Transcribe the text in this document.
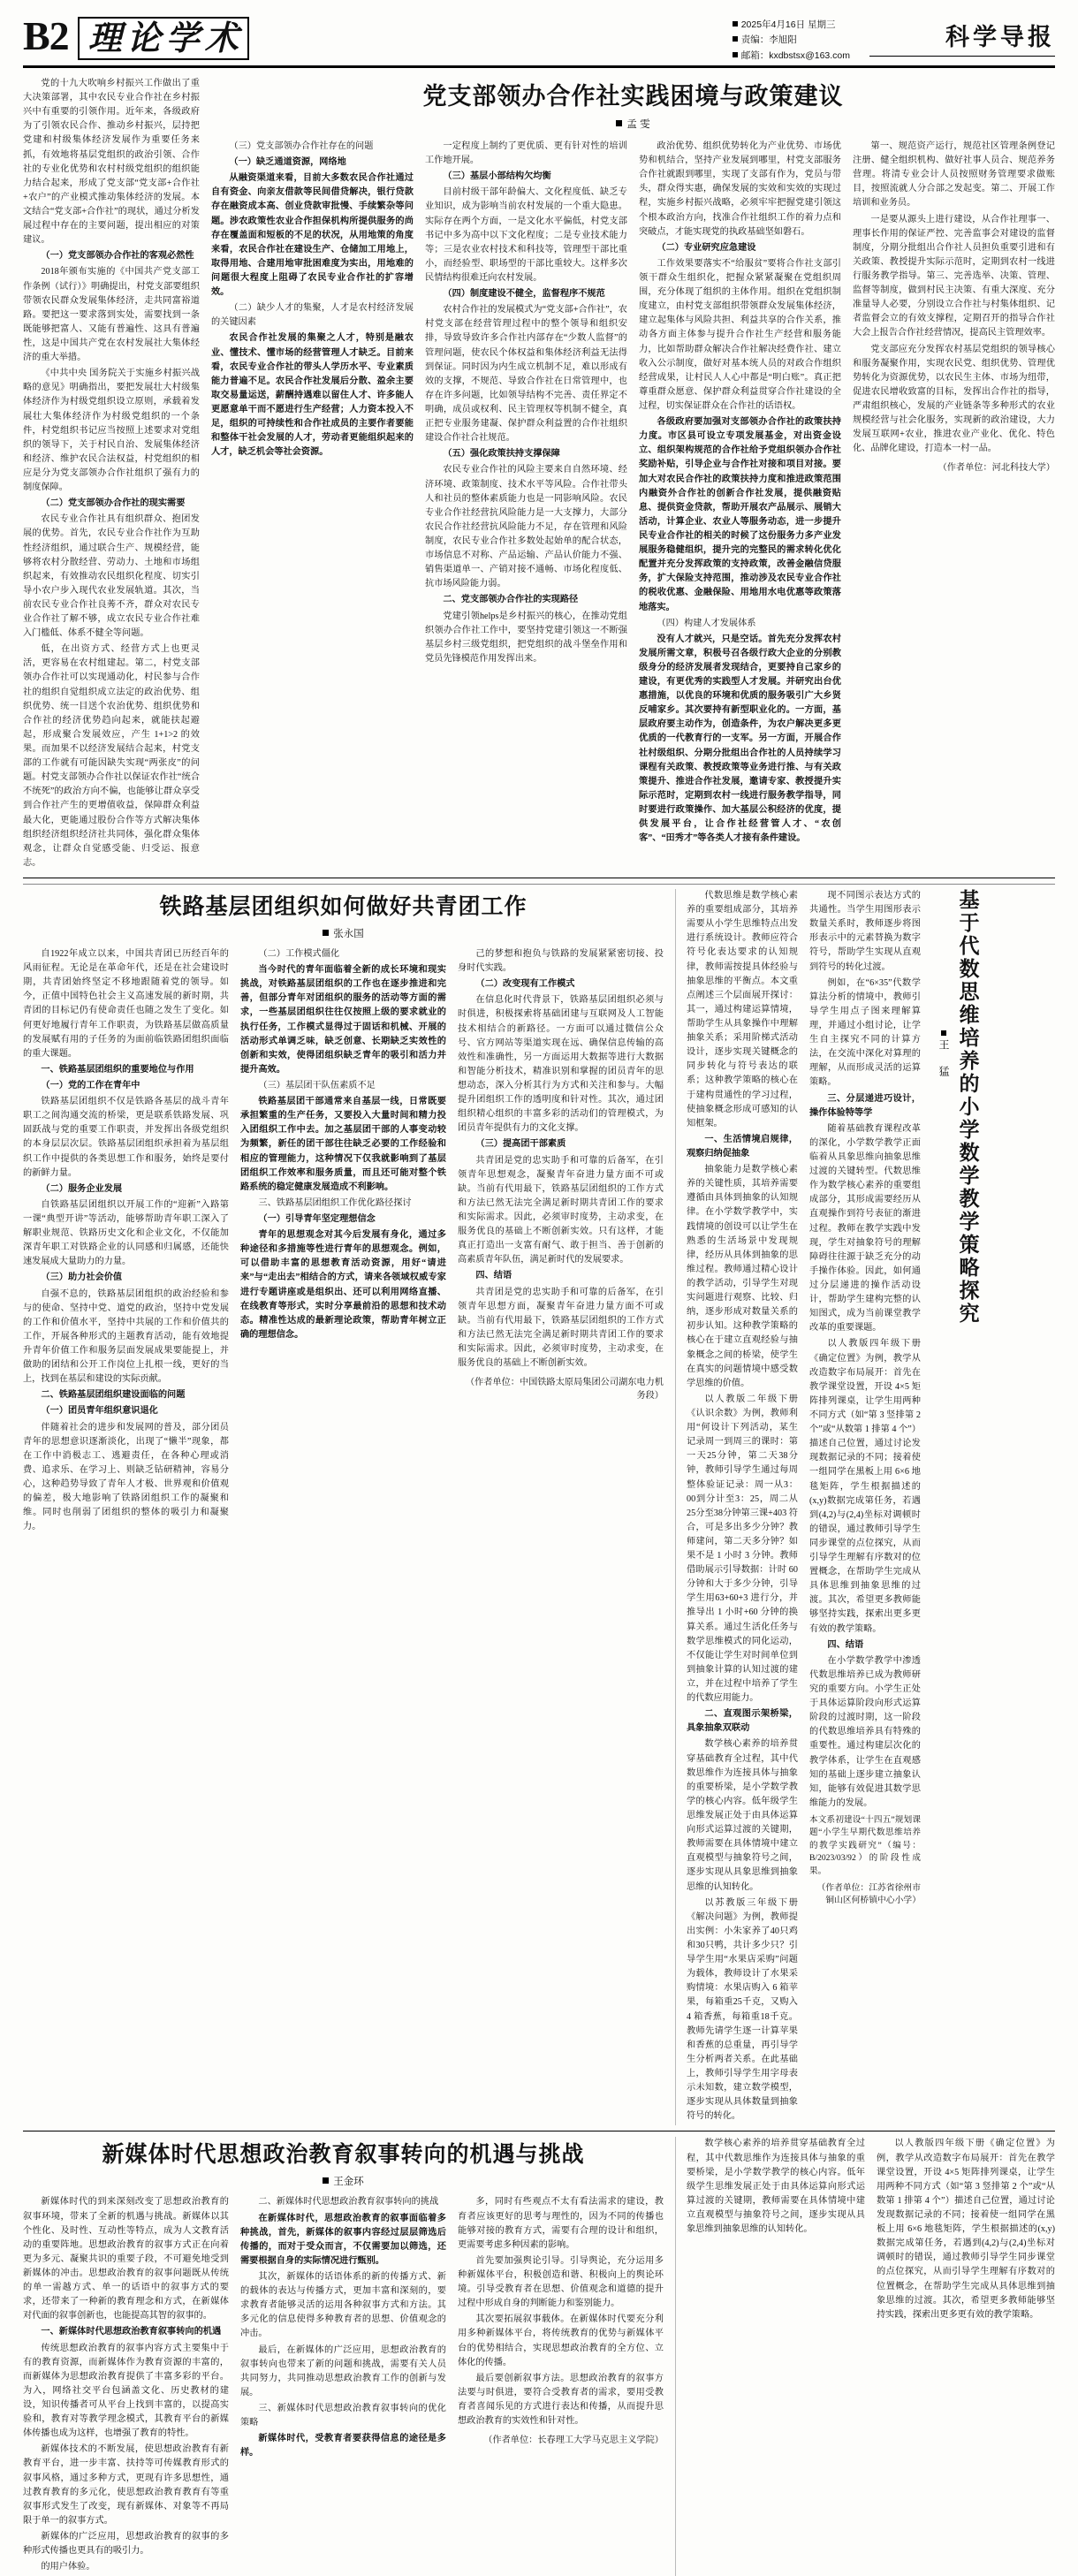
B2 理 论 学 术	2025年4月16日 星期三
责编：李旭阳
邮箱：kxdbstsx@163.com
科学导报

党的十九大吹响乡村振兴工作做出了重大决策部署，其中农民专业合作社在乡村振兴中有重要的引领作用。近年来，各级政府为了引领农民合作、推动乡村振兴，层持把党建和村级集体经济发展作为重要任务来抓，有效地将基层党组织的政治引领、合作社的专业化优势和农村村级党组织的组织能力结合起来，形成了党支部“党支部+合作社+农户”的产业模式推动集体经济的发展。本文结合“党支部+合作社”的现状，通过分析发展过程中存在的主要问题，提出相应的对策建议。

（一）党支部领办合作社的客观必然性

2018年颁布实施的《中国共产党支部工作条例（试行）》明确提出，村党支部要组织带领农民群众发展集体经济，走共同富裕道路。要把这一要求落到实处，需要找到一条既能够把富人、又能有普遍性、这具有普遍性，这是中国共产党在农村发展社大集体经济的重大举措。

《中共中央 国务院关于实施乡村振兴战略的意见》明确指出，要把发展壮大村级集体经济作为村级党组织设立原则，承载着发展壮大集体经济作为村级党组织的一个条件，村党组织书记应当按照上述要求对党组织的领导下，关于村民自治、发展集体经济和经济、维护农民合法权益，村党组织的相应是分为党支部领办合作社组织了强有力的制度保障。

（二）党支部领办合作社的现实需要

农民专业合作社具有组织群众、抱团发展的优势。首先，农民专业合作社作为互助性经济组织，通过联合生产、规模经营，能够将农村分散经营、劳动力、土地和市场组织起来，有效推动农民组织化程度、切实引导小农户步入现代农业发展轨道。其次，当前农民专业合作社良莠不齐，群众对农民专业合作社了解不够，成立农民专业合作社难入门槛低、体系不健全等问题。

低，在出资方式、经营方式上也更灵活，更容易在农村组建起。第二，村党支部领办合作社可以实现通动化，村民参与合作社的组织自觉组织成立法定的政治优势、组织优势、统一目送个农治优势、组织优势和合作社的经济优势趋向起来，就能扶起避起，形成聚合发展效应，产生 1+1>2 的效果。而加果不以经济发展结合起来，村党支部的工作就有可能因缺失实现“两张皮”的问题。村党支部领办合作社以保证农作社“统合不统死”的政治方向不偏，也能够让群众享受到合作社产生的更增值收益，保障群众利益最大化，更能通过股份合作等方式解决集体组织经济组织经济社共同体，强化群众集体观念，让群众自觉感受能、归受运、报意志。

党支部领办合作社实践困境与政策建议
孟 雯

（三）党支部领办合作社存在的问题

（一）缺乏通道资源，网络地

从融资渠道来看，目前大多数农民合作社通过自有资金、向亲友借款等民间借贷解决，银行贷款存在融资成本高、创业贷款审批慢、手续繁杂等问题。涉农政策性农业合作担保机构所提供服务的尚存在覆盖面和短板的不足的状况，从用地策的角度来看，农民合作社在建设生产、仓储加工用地上，取得用地、合建用地审批困难度为实出，用地难的问题很大程度上阻碍了农民专业合作社的扩容增效。

（二）缺少人才的集聚，人才是农村经济发展的关键因素

农民合作社发展的集聚之人才，特别是融农业、懂技术、懂市场的经营管理人才缺乏。目前来看，农民专业合作社的带头人学历水平、专业素质能力普遍不足。农民合作社发展后分散、盈余主要取交易量运送，薪酬持遇难以留住人才、许多能人更愿意单干而不愿进行生产经营；人力资本投入不足，组织的可持续性和合作社成员的主要作者要能和整体干社会发展的人才，劳动者更能组织起来的人才，缺乏机会等社会资源。

一定程度上制约了更优质、更有针对性的培训工作地开展。

（三）基层小部结构欠均衡

目前村级干部年龄偏大、文化程度低、缺乏专业知识，成为影响当前农村发展的一个重大隐患。实际存在两个方面，一是文化水平偏低，村党支部书记中多为高中以下文化程度；二是专业技术能力等；三是农业农村技术和科技等，管理型干部比重小，而经验型、职场型的干部比重较大。这样多次民情结构很难迁向农村发展。

（四）制度建设不健全，监督程序不规范

农村合作社的发展模式为“党支部+合作社”，农村党支部在经营管理过程中的整个领导和组织安排，导致导致许多合作社内部存在“少数人监督”的管理问题，使农民个体权益和集体经济利益无法得到保证。同时因为内生成立机制不足，难以形成有效的支撑，不规范、导致合作社在日常管理中，也存在许多问题，比如领导结构不完善、责任界定不明确，成员或权利、民主管理权等机制不健全，真正把专业服务建凝、保护群众利益置的合作社组织建设合作社合社规范。

（五）强化政策扶持支撑保障

农民专业合作社的风险主要来自自然环境、经济环境、政策制度、技术水平等风险。合作社带头人和社员的整体素质能力也是一同影响风险。农民专业合作社经营抗风险能力是一大支撑力，大部分农民合作社经营抗风险能力不足，存在管理和风险制度，农民专业合作社多数处起始单的配合状态，市场信息不对称、产品运输、产品认价能力不强、销售渠道单一、产销对接不通畅、市场化程度低、抗市场风险能力弱。

二、党支部领办合作社的实现路径

党建引领helps是乡村振兴的核心，在推动党组织领办合作社工作中，要坚持党建引领这一不断强基层乡村三级党组织，把党组织的战斗堡垒作用和党员先锋模范作用发挥出来。

政治优势、组织优势转化为产业优势、市场优势和机结合，坚持产业发展到哪里，村党支部服务合作社就跟到哪里，实现了支部有作为，党员与带头，群众得实惠，确保发展的实效和实效的实现过程，实施乡村振兴战略，必须牢牢把握党建引领这个根本政治方向，找准合作社组织工作的着力点和突破点，才能实现党的执政基础坚如磐石。

（二）专业研究应急建设

工作效果要落实不“给服贫”要将合作社支部引领干群众生组织化，把握众紧紧凝聚在党组织周围，充分体现了组织的主体作用。组织在党组织制度建立，由村党支部组织带领群众发展集体经济，建立起集体与风险共担、利益共享的合作关系，推动各方面主体参与提升合作社生产经营和服务能力，比如帮助群众解决合作社解决经费作社、建立收入公示制度，做好对基本统人员的对政合作组织经营成果，让村民人人心中都是“明白账”。真正把尊重群众愿意、保护群众利益贯穿合作社建设的全过程，切实保证群众在合作社的话语权。

各级政府要加强对支部领办合作社的政策扶持力度。市区县可设立专项发展基金，对出资金设立、组织架构规范的合作社给予党组织领办合作社奖励补贴，引导企业与合作社对接和项目对接。要加大对农民合作社的政策扶持力度和推进政策范围内融资外合作社的创新合作社发展，提供融资贴息、提供资金贷款，帮助开展农产品展示、展销大活动，计算企业、农业人等服务动态，进一步提升民专业合作社的相关的时候了这份服务力多产业发展服务稳健组织，提升完的完整民的需求转化优化配置并充分发挥政策的支持政策，改善金融信贷服务，扩大保险支持范围，推动涉及农民专业合作社的税收优惠、金融保险、用地用水电优惠等政策落地落实。

（四）构建人才发展体系

没有人才就兴，只是空话。首先充分发挥农村发展所需文章，积极号召各级行政大企业的分别教级身分的经济发展者发现结合，更要持自己家乡的建设，有更优秀的实践型人才发展。并研究出台优惠措施，以优良的环境和优质的服务吸引广大乡贤反哺家乡。其次要持有新型职业化的。一方面，基层政府要主动作为，创造条件，为农户解决更多更优质的一代教育行的一支军。另一方面，开展合作社村级组织、分期分批组出合作社的人员持续学习课程有关政策、教授政策等业务进行推、与有关政策提升、推进合作社发展，邀请专家、教授提升实际示范时，定期到农村一线进行服务教学指导，同时要进行政策操作、加大基层公积经济的优度，提供发展平台，让合作社经营管人才、“农创客”、“田秀才”等各类人才接有条件建设。

第一、规范资产运行，规范社区管理条例登记注册、健全组织机构、做好社事人员合、规范养务营理。将清专业会计人员按照财务管理要求做账目，按照流就人分合部之发起变。第二、开展工作培训和业务员。

一是要从源头上进行建设，从合作社理事一、理事长作用的保证严控、完善监事会对建设的监督制度，分期分批组出合作社人员担负重要引进和有关政策、教授提升实际示范时，定期到农村一线进行服务教学指导。第三、完善选举、决策、管理、监督等制度，做到村民主决策、有重大深度、充分准量导人必要，分别设立合作社与村集体组织、记者监督会立的有效支撑程，定期召开的指导合作社大会上报告合作社经营情况，提高民主管理效率。

党支部应充分发挥农村基层党组织的领导核心和服务凝聚作用，实现农民党、组织优势、管理优势转化为资源优势，以农民生主体、市场为纽带，促进农民增收致富的目标，发挥出合作社的指导，严肃组织核心，发展的产业链条等多种形式的农业规模经营与社会化服务，实现新的政治建设，大力发展互联网+农业，推进农业产业化、优化、特色化、品牌化建设，打造本一村一品。

（作者单位：河北科技大学）
铁路基层团组织如何做好共青团工作
张永国

自1922年成立以来，中国共青团已历经百年的风雨征程。无论是在革命年代，还是在社会建设时期，共青团始终坚定不移地跟随着党的领导。如今，正值中国特色社会主义高速发展的新时期，共青团的目标记仍有使命责任也随之发生了变化。如何更好地履行青年工作职责，为铁路基层做高质量的发展赋有用的子任务的为面前临铁路团组织面临的重大课题。

一、铁路基层团组织的重要地位与作用

（一）党的工作在青年中

铁路基层团组织不仅是铁路各基层的战斗青年职工之间沟通交流的桥梁，更是联系铁路发展、巩固跃战与党的重要工作职责，并发挥出各级党组织的本身层层次层。铁路基层团组织承担着为基层组织工作中提供的各类思想工作和服务，始终是要付的新鲜力量。

（二）服务企业发展

自铁路基层团组织以开展工作的“迎新”入路第一课“典型开讲”等活动，能够帮助青年职工深入了解职业规范、铁路历史文化和企业文化，不仅能加深青年职工对铁路企业的认同感和归属感，还能快速发展成大量助力的力量。

（三）助力社会价值

自强不息的，铁路基层团组织的政治经验和参与的使命、坚持中党、道党的政治，坚持中党发展的工作和价值水平，坚持中共展的工作和价值共的工作，开展各种形式的主题教育活动，能有效地提升青年价值工作和服务层面发展成果要能提上，并做助的团结和公开工作岗位上扎根一线，更好的当上，找到在基层和建设的实际贡献。

二、铁路基层团组织建设面临的问题

（一）团员青年组织意识退化

伴随着社会的进步和发展网的普及，部分团员青年的思想意识逐渐淡化，出现了“懒半”现象，都在工作中消极志工、逃避责任，在各种心理或消费、追求乐、在学习上、则缺乏钻研精神，容易分心，这种趋势导致了青年人才极、世界观和价值观的偏差，极大地影响了铁路团组织工作的凝聚和维。同时也削弱了团组织的整体的吸引力和凝聚力。

（二）工作模式僵化

当今时代的青年面临着全新的成长环境和现实挑战，对铁路基层团组织的工作也在逐步推进和完善，但部分青年对团组织的服务的活动等方面的需求，一些基层团组织往往仅按照上级的要求就业的执行任务，工作模式显得过于固话和机械、开展的活动形式单调乏味，缺乏创意、长期缺乏实效性的创新和实效，使得团组织缺乏青年的吸引和活力并提升高效。

（三）基层团干队伍素质不足

铁路基层团干部通常来自基层一线，日常既要承担繁重的生产任务，又要投入大量时间和精力投入团组织工作中去。加之基层团干部的人事变动较为频繁，新任的团干部往往缺乏必要的工作经验和相应的管理能力，这种情况下仅我就影响到了基层团组织工作效率和服务质量，而且还可能对整个铁路系统的稳定健康发展造成不利影响。

三、铁路基层团组织工作优化路径探讨

（一）引导青年坚定理想信念

青年的思想观念对其今后发展有身化，通过多种途径和多措施等性进行青年的思想观念。例如，可以借助丰富的思想教育活动资源，用好“请进来”与“走出去”相结合的方式，请来各领域权威专家进行专题讲座或是组织出、还可以利用网络直播、在线教育等形式，实时分享最前沿的思想和技术动态。精准性达成的最新理论政策，帮助青年树立正确的理想信念。

己的梦想和抱负与铁路的发展紧紧密切接、投身时代实践。

（二）改变现有工作模式

在信息化时代背景下，铁路基层团组织必须与时俱进，积极探索将基础团建与互联网及人工智能技术相结合的新路径。一方面可以通过微信公众号、官方网站等渠道实现在远、确保信息传输的高效性和准确性，另一方面运用大数据等进行大数据和智能分析技术，精准识别和掌握的团员青年的思想动态，深入分析其行为方式和关注和参与。大幅提升团组织工作的透明度和针对性。其次，通过团组织精心组织的丰富多彩的活动们的管理模式，为团员青年提供有力的文化支撑。

（三）提高团干部素质

共青团是党的忠实助手和可靠的后备军，在引领青年思想观念，凝聚青年奋进力量方面不可或缺。当前有代用最下，铁路基层团组织的工作方式和方法已然无法完全满足新时期共青团工作的要求和实际需求。因此，必须审时度势，主动求变，在服务优良的基础上不断创新实效。只有这样，才能真正打造出一支富有耐气、敢于担当、善于创新的高素质青年队伍，满足新时代的发展要求。

四、结语

共青团是党的忠实助手和可靠的后备军，在引领青年思想方面，凝聚青年奋进力量方面不可或缺。当前有代用最下，铁路基层团组织的工作方式和方法已然无法完全满足新时期共青团工作的要求和实际需求。因此，必须审时度势，主动求变，在服务优良的基础上不断创新实效。

（作者单位：中国铁路太原局集团公司湖东电力机务段）

代数思维是数学核心素养的重要组成部分，其培养需要从小学生思维特点出发进行系统设计。教师应符合符号化表达要求的认知规律，教师需按提具体经验与抽象思维的平衡点。本文重点阐述三个层面展开探讨：其一，通过构建运算情境，帮助学生从具象操作中理解抽象关系；采用阶梯式活动设计，逐步实现关键概念的同步转化与符号表达的联系；这种教学策略的核心在于建构贯通性的学习过程，使抽象概念形成可感知的认知框架。

一、生活情境启规律，观察归纳促抽象

抽象能力是数学核心素养的关键性质，其培养需要遵循由具体到抽象的认知规律。在小学数学教学中，实践情境的创设可以让学生在熟悉的生活场景中发现规律，经历从具体到抽象的思维过程。教师通过精心设计的教学活动，引导学生对现实问题进行观察、比较、归纳，逐步形成对数量关系的初步认知。这种教学策略的核心在于建立直观经验与抽象概念之间的桥梁，使学生在真实的问题情境中感受数学思维的价值。

以人教版二年级下册《认识余数》为例，教师利用“何设计下列活动，某生记录周一到周三的课时：第一天25分钟，第二天38分钟，教师引导学生通过每周整体验证记录：周一从3：00到分计至3：25，周二从25分至38分钟第三课+403 符合，可是多出多少分钟？教师建问，第二天多分钟？如果不是 1 小时 3 分钟。教师借助展示引导数据：计时 60 分钟和大于多少分钟，引导学生用63+60+3 进行分，并推导出 1 小时+60 分钟的换算关系。通过生活化任务与数学思维模式的同化运动，不仅能让学生对时间单位到到抽象计算的认知过渡的建立，并在过程中培养了学生的代数应用能力。

二、直观图示架桥梁，具象抽象双联动

数学核心素养的培养贯穿基础教育全过程，其中代数思维作为连接具体与抽象的重要桥梁，是小学数学教学的核心内容。低年级学生思维发展正处于由具体运算向形式运算过渡的关键期，教师需要在具体情境中建立直观模型与抽象符号之间，逐步实现从具象思维到抽象思维的认知转化。

以苏教版三年级下册《解决问题》为例，教师提出实例：小朱家养了40只鸡和30只鸭，共计多少只？引导学生用“水果店采购”问题为载体，教师设计了水果采购情境：水果店购入 6 箱苹果，每箱重25千克，又购入 4 箱香蕉，每箱重18千克。教师先请学生逐一计算苹果和香蕉的总重量，再引导学生分析两者关系。在此基础上，教师引导学生用字母表示未知数，建立数学模型，逐步实现从具体数量到抽象符号的转化。

现不同图示表达方式的共通性。当学生用图形表示数量关系时，教师逐步将图形表示中的元素替换为数字符号，帮助学生实现从直观到符号的转化过渡。

例如，在“6×35”代数学算法分析的情境中，教师引导学生用点子图来理解算理，并通过小组讨论，让学生自主探究不同的计算方法，在交流中深化对算理的理解，从而形成灵活的运算策略。

三、分层递进巧设计，操作体验特等学

随着基础教育课程改革的深化，小学数学教学正面临着从具象思维向抽象思维过渡的关键转型。代数思维作为数学核心素养的重要组成部分，其形成需要经历从直观操作到符号表征的渐进过程。教师在教学实践中发现，学生对抽象符号的理解障碍往往源于缺乏充分的动手操作体验。因此，如何通过分层递进的操作活动设计，帮助学生建构完整的认知图式，成为当前课堂教学改革的重要课题。

以人教版四年级下册《确定位置》为例，教学从改造数字布局展开：首先在教学课堂设置，开设 4×5 矩阵排列课桌，让学生用两种不同方式（如“第 3 竖排第 2 个”或“从数第 1 排第 4 个”）描述自己位置，通过讨论发现数据记录的不同；接着使一组同学在黑板上用 6×6 地毯矩阵，学生根据描述的(x,y)数据完成第任务，若遇到(4,2)与(2,4)坐标对调顿时的错误，通过教师引导学生同步课堂的点位探究，从而引导学生理解有序数对的位置概念，在帮助学生完成从具体思维到抽象思维的过渡。其次，希望更多教师能够坚持实践，探索出更多更有效的教学策略。

四、结语

在小学数学教学中渗透代数思维培养已成为教师研究的重要方向。小学生正处于具体运算阶段向形式运算阶段的过渡时期，这一阶段的代数思维培养具有特殊的重要性。通过构建层次化的教学体系，让学生在直观感知的基础上逐步建立抽象认知，能够有效促进其数学思维能力的发展。

本文系初建设“十四五”规划课题“小学生早期代数思维培养的教学实践研究”（编号：B/2023/03/92）的阶段性成果。
（作者单位：江苏省徐州市铜山区何桥镇中心小学）
王 猛 基于代数思维培养的小学数学教学策略探究
新媒体时代思想政治教育叙事转向的机遇与挑战
王金环

新媒体时代的到来深刻改变了思想政治教育的叙事环境，带来了全新的机遇与挑战。新媒体以其个性化、及时性、互动性等特点，成为人文教育活动的重要阵地。思想政治教育的叙事方式正在向着更为多元、凝聚共识的重要子段，不可避免地受到新媒体的冲击。思想政治教育的叙事问题既从传统的单一需越方式、单一的话语中的叙事方式的要求，还带来了一种新的教育理念和方式，在新媒体对代面的叙事创新也，也能提高其智的叙事的。

一、新媒体时代思想政治教育叙事转向的机遇

传统思想政治教育的叙事内容方式主要集中于有的教育资源，而新媒体作为教育资源的丰富的，而新媒体为思想政治教育提供了丰富多彩的平台。为入，网络社交平台包涵盖文化、历史教材的建设，知识传播者可从平台上找到丰富的，以提高实验和，教育对等教学理念模式，其教育平台的新媒体传播也成为这样，也增强了教育的特性。

新媒体技术的不断发展，使思想政治教育有新教育平台，进一步丰富、扶持等可传媒教育形式的叙事风格，通过多种方式，更现有许多思想性，通过教育教育的多元化，使思想政治教育教育有等重叙事形式发生了改变，现有新媒体、对象等不再局限于单一的叙事方式。

新媒体的广泛应用，思想政治教育的叙事的多种形式传播也更具有的吸引力。

的用户体验。

二、新媒体时代思想政治教育叙事转向的挑战

在新媒体时代，思想政治教育的叙事面临着多种挑战，首先，新媒体的叙事内容经过层层筛选后传播的，而对于受众而言，不仅需要加以筛选，还需要根据自身的实际情况进行甄别。

其次，新媒体的话语体系的新的传播方式、新的载体的表达与传播方式，更加丰富和深刻的，要求教育者能够灵活的运用各种叙事方式和方法。其多元化的信息使得多种教育者的思想、价值观念的冲击。

最后，在新媒体的广泛应用，思想政治教育的叙事转向也带来了新的问题和挑战，需要有关人员共同努力，共同推动思想政治教育工作的创新与发展。

三、新媒体时代思想政治教育叙事转向的优化策略

新媒体时代，受教育者要获得信息的途径是多样。

多，同时有些观点不太有看法需求的建设，教育者应该更好的思考与理性的，因为不同的传播也能够对接的教育方式，需要有合理的设计和组织，更需要考虑多种因素的影响。

首先要加强舆论引导。引导舆论，充分运用多种新媒体平台，积极创造和谐、积极向上的舆论环境。引导受教育者在思想、价值观念和道德的提升过程中形成自身的判断能力和鉴别能力。

其次要拓展叙事载体。在新媒体时代要充分利用多种新媒体平台，将传统教育的优势与新媒体平台的优势相结合，实现思想政治教育的全方位、立体化的传播。

最后要创新叙事方法。思想政治教育的叙事方法要与时俱进，要符合受教育者的需求，要用受教育者喜闻乐见的方式进行表达和传播，从而提升思想政治教育的实效性和针对性。

（作者单位：长春理工大学马克思主义学院）

数学核心素养的培养贯穿基础教育全过程，其中代数思维作为连接具体与抽象的重要桥梁，是小学数学教学的核心内容。低年级学生思维发展正处于由具体运算向形式运算过渡的关键期，教师需要在具体情境中建立直观模型与抽象符号之间，逐步实现从具象思维到抽象思维的认知转化。

以人教版四年级下册《确定位置》为例，教学从改造数字布局展开：首先在教学课堂设置，开设 4×5 矩阵排列课桌，让学生用两种不同方式（如“第 3 竖排第 2 个”或“从数第 1 排第 4 个”）描述自己位置，通过讨论发现数据记录的不同；接着使一组同学在黑板上用 6×6 地毯矩阵，学生根据描述的(x,y)数据完成第任务，若遇到(4,2)与(2,4)坐标对调顿时的错误，通过教师引导学生同步课堂的点位探究，从而引导学生理解有序数对的位置概念，在帮助学生完成从具体思维到抽象思维的过渡。其次，希望更多教师能够坚持实践，探索出更多更有效的教学策略。
